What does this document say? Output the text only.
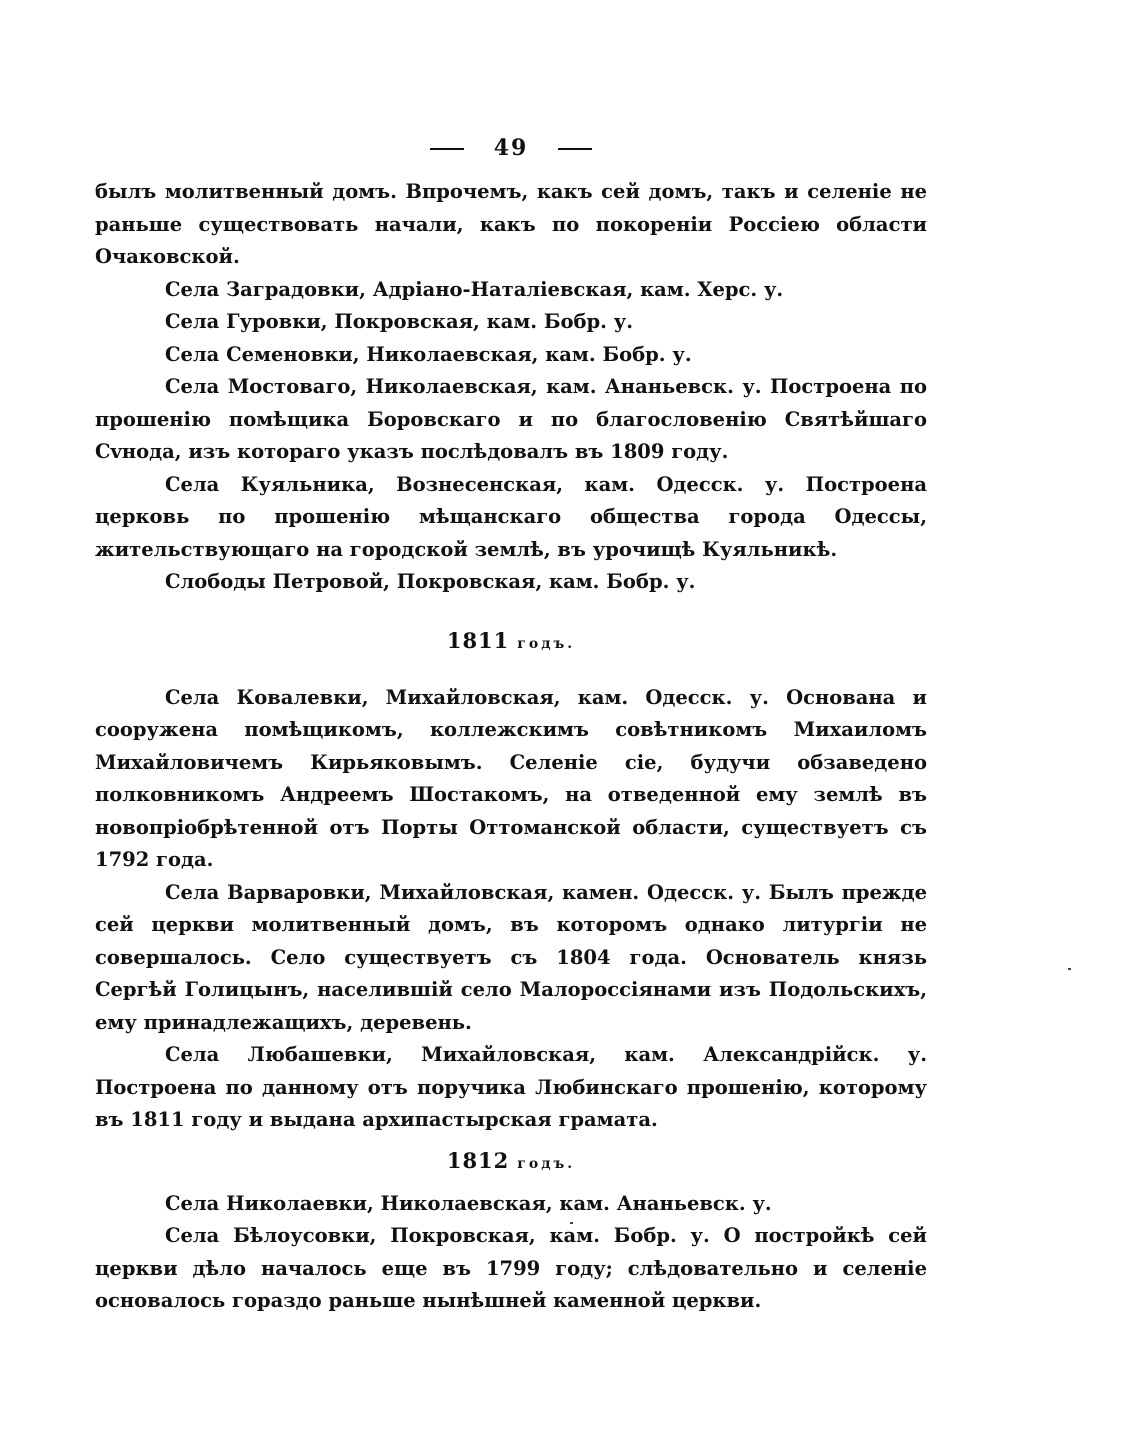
49

былъ молитвенный домъ. Впрочемъ, какъ сей домъ, такъ и селеніе не раньше существовать начали, какъ по покореніи Россіею области Очаковской.

Села Заградовки, Адріано-Наталіевская, кам. Херс. у.

Села Гуровки, Покровская, кам. Бобр. у.

Села Семеновки, Николаевская, кам. Бобр. у.

Села Мостоваго, Николаевская, кам. Ананьевск. у. Построена по прошенію помѣщика Боровскаго и по благословенію Святѣйшаго Сvнода, изъ котораго указъ послѣдовалъ въ 1809 году.

Села Куяльника, Вознесенская, кам. Одесск. у. Построена церковь по прошенію мѣщанскаго общества города Одессы, жительствующаго на городской землѣ, въ урочищѣ Куяльникѣ.

Слободы Петровой, Покровская, кам. Бобр. у.

1811 годъ.

Села Ковалевки, Михайловская, кам. Одесск. у. Основана и сооружена помѣщикомъ, коллежскимъ совѣтникомъ Михаиломъ Михайловичемъ Кирьяковымъ. Селеніе сіе, будучи обзаведено полковникомъ Андреемъ Шостакомъ, на отведенной ему землѣ въ новопріобрѣтенной отъ Порты Оттоманской области, существуетъ съ 1792 года.

Села Варваровки, Михайловская, камен. Одесск. у. Былъ прежде сей церкви молитвенный домъ, въ которомъ однако литургіи не совершалось. Село существуетъ съ 1804 года. Основатель князь Сергѣй Голицынъ, населившій село Малороссіянами изъ Подольскихъ, ему принадлежащихъ, деревень.

Села Любашевки, Михайловская, кам. Александрійск. у. Построена по данному отъ поручика Любинскаго прошенію, которому въ 1811 году и выдана архипастырская грамата.

1812 годъ.

Села Николаевки, Николаевская, кам. Ананьевск. у.

Села Бѣлоусовки, Покровская, кам. Бобр. у. О постройкѣ сей церкви дѣло началось еще въ 1799 году; слѣдовательно и селеніе основалось гораздо раньше нынѣшней каменной церкви.
